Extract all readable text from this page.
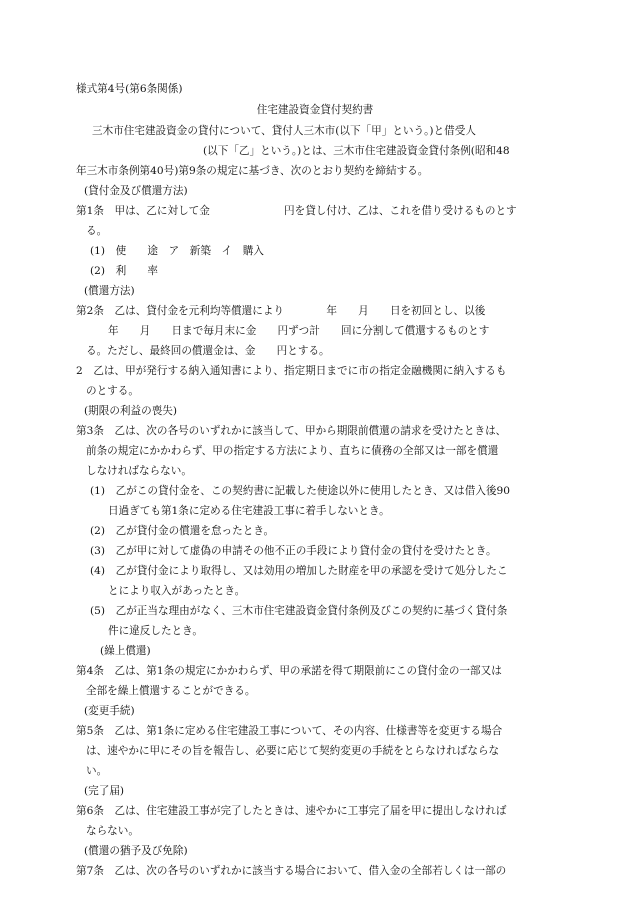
様式第4号(第6条関係)
住宅建設資金貸付契約書
三木市住宅建設資金の貸付について、貸付人三木市(以下「甲」という。)と借受人
(以下「乙」という。)とは、三木市住宅建設資金貸付条例(昭和48
年三木市条例第40号)第9条の規定に基づき、次のとおり契約を締結する。
(貸付金及び償還方法)
第1条　甲は、乙に対して金　　　　　　　円を貸し付け、乙は、これを借り受けるものとす
る。
(1)　使　　途　ア　新築　イ　購入
(2)　利　　率
(償還方法)
第2条　乙は、貸付金を元利均等償還により　　　　年　　月　　日を初回とし、以後
年　　月　　日まで毎月末に金　　円ずつ計　　回に分割して償還するものとす
る。ただし、最終回の償還金は、金　　円とする。
2　乙は、甲が発行する納入通知書により、指定期日までに市の指定金融機関に納入するも
のとする。
(期限の利益の喪失)
第3条　乙は、次の各号のいずれかに該当して、甲から期限前償還の請求を受けたときは、
前条の規定にかかわらず、甲の指定する方法により、直ちに債務の全部又は一部を償還
しなければならない。
(1)　乙がこの貸付金を、この契約書に記載した使途以外に使用したとき、又は借入後90
日過ぎても第1条に定める住宅建設工事に着手しないとき。
(2)　乙が貸付金の償還を怠ったとき。
(3)　乙が甲に対して虚偽の申請その他不正の手段により貸付金の貸付を受けたとき。
(4)　乙が貸付金により取得し、又は効用の増加した財産を甲の承認を受けて処分したこ
とにより収入があったとき。
(5)　乙が正当な理由がなく、三木市住宅建設資金貸付条例及びこの契約に基づく貸付条
件に違反したとき。
(繰上償還)
第4条　乙は、第1条の規定にかかわらず、甲の承諾を得て期限前にこの貸付金の一部又は
全部を繰上償還することができる。
(変更手続)
第5条　乙は、第1条に定める住宅建設工事について、その内容、仕様書等を変更する場合
は、速やかに甲にその旨を報告し、必要に応じて契約変更の手続をとらなければならな
い。
(完了届)
第6条　乙は、住宅建設工事が完了したときは、速やかに工事完了届を甲に提出しなければ
ならない。
(償還の猶予及び免除)
第7条　乙は、次の各号のいずれかに該当する場合において、借入金の全部若しくは一部の
